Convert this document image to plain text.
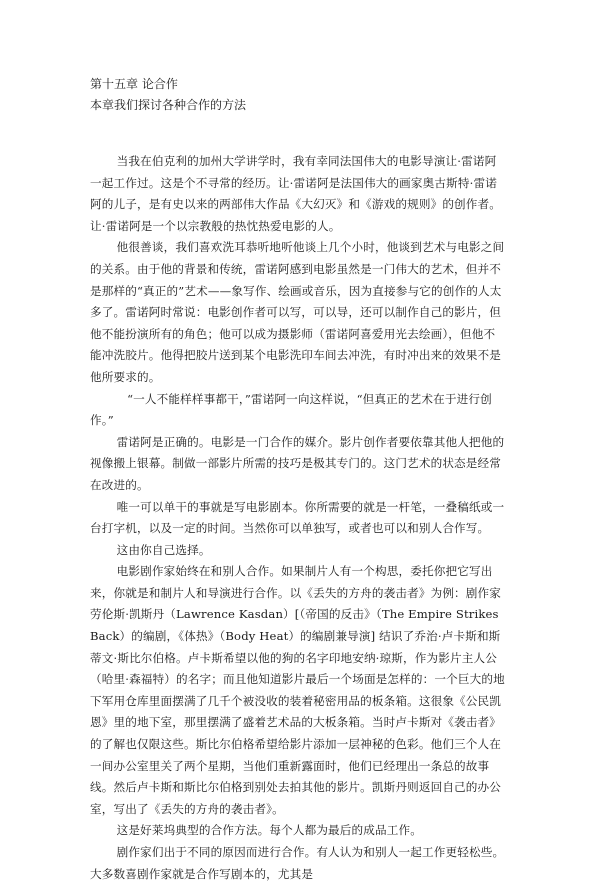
第十五章 论合作
本章我们探讨各种合作的方法

当我在伯克利的加州大学讲学时，我有幸同法国伟大的电影导演让·雷诺阿一起工作过。这是个不寻常的经历。让·雷诺阿是法国伟大的画家奥古斯特·雷诺阿的儿子，是有史以来的两部伟大作品《大幻灭》和《游戏的规则》的创作者。让·雷诺阿是一个以宗教般的热忱热爱电影的人。

他很善谈，我们喜欢洗耳恭听地听他谈上几个小时，他谈到艺术与电影之间的关系。由于他的背景和传统，雷诺阿感到电影虽然是一门伟大的艺术，但并不是那样的“真正的”艺术——象写作、绘画或音乐，因为直接参与它的创作的人太多了。雷诺阿时常说：电影创作者可以写，可以导，还可以制作自己的影片，但他不能扮演所有的角色；他可以成为摄影师（雷诺阿喜爱用光去绘画），但他不能冲洗胶片。他得把胶片送到某个电影洗印车间去冲洗，有时冲出来的效果不是他所要求的。

“一人不能样样事都干，”雷诺阿一向这样说，“但真正的艺术在于进行创作。”

雷诺阿是正确的。电影是一门合作的媒介。影片创作者要依靠其他人把他的视像搬上银幕。制做一部影片所需的技巧是极其专门的。这门艺术的状态是经常在改进的。

唯一可以单干的事就是写电影剧本。你所需要的就是一杆笔，一叠稿纸或一台打字机，以及一定的时间。当然你可以单独写，或者也可以和别人合作写。

这由你自己选择。

电影剧作家始终在和别人合作。如果制片人有一个构思，委托你把它写出来，你就是和制片人和导演进行合作。以《丢失的方舟的袭击者》为例：剧作家劳伦斯·凯斯丹（Lawrence Kasdan）[（帝国的反击》（The Empire Strikes Back）的编剧，《体热》（Body Heat）的编剧兼导演] 结识了乔治·卢卡斯和斯蒂文·斯比尔伯格。卢卡斯希望以他的狗的名字印地安纳·琼斯，作为影片主人公（哈里·森福特）的名字；而且他知道影片最后一个场面是怎样的：一个巨大的地下军用仓库里面摆满了几千个被没收的装着秘密用品的板条箱。这很象《公民凯恩》里的地下室，那里摆满了盛着艺术品的大板条箱。当时卢卡斯对《袭击者》的了解也仅限这些。斯比尔伯格希望给影片添加一层神秘的色彩。他们三个人在一间办公室里关了两个星期，当他们重新露面时，他们已经理出一条总的故事线。然后卢卡斯和斯比尔伯格到别处去拍其他的影片。凯斯丹则返回自己的办公室，写出了《丢失的方舟的袭击者》。

这是好莱坞典型的合作方法。每个人都为最后的成品工作。

剧作家们出于不同的原因而进行合作。有人认为和别人一起工作更轻松些。大多数喜剧作家就是合作写剧本的，尤其是
